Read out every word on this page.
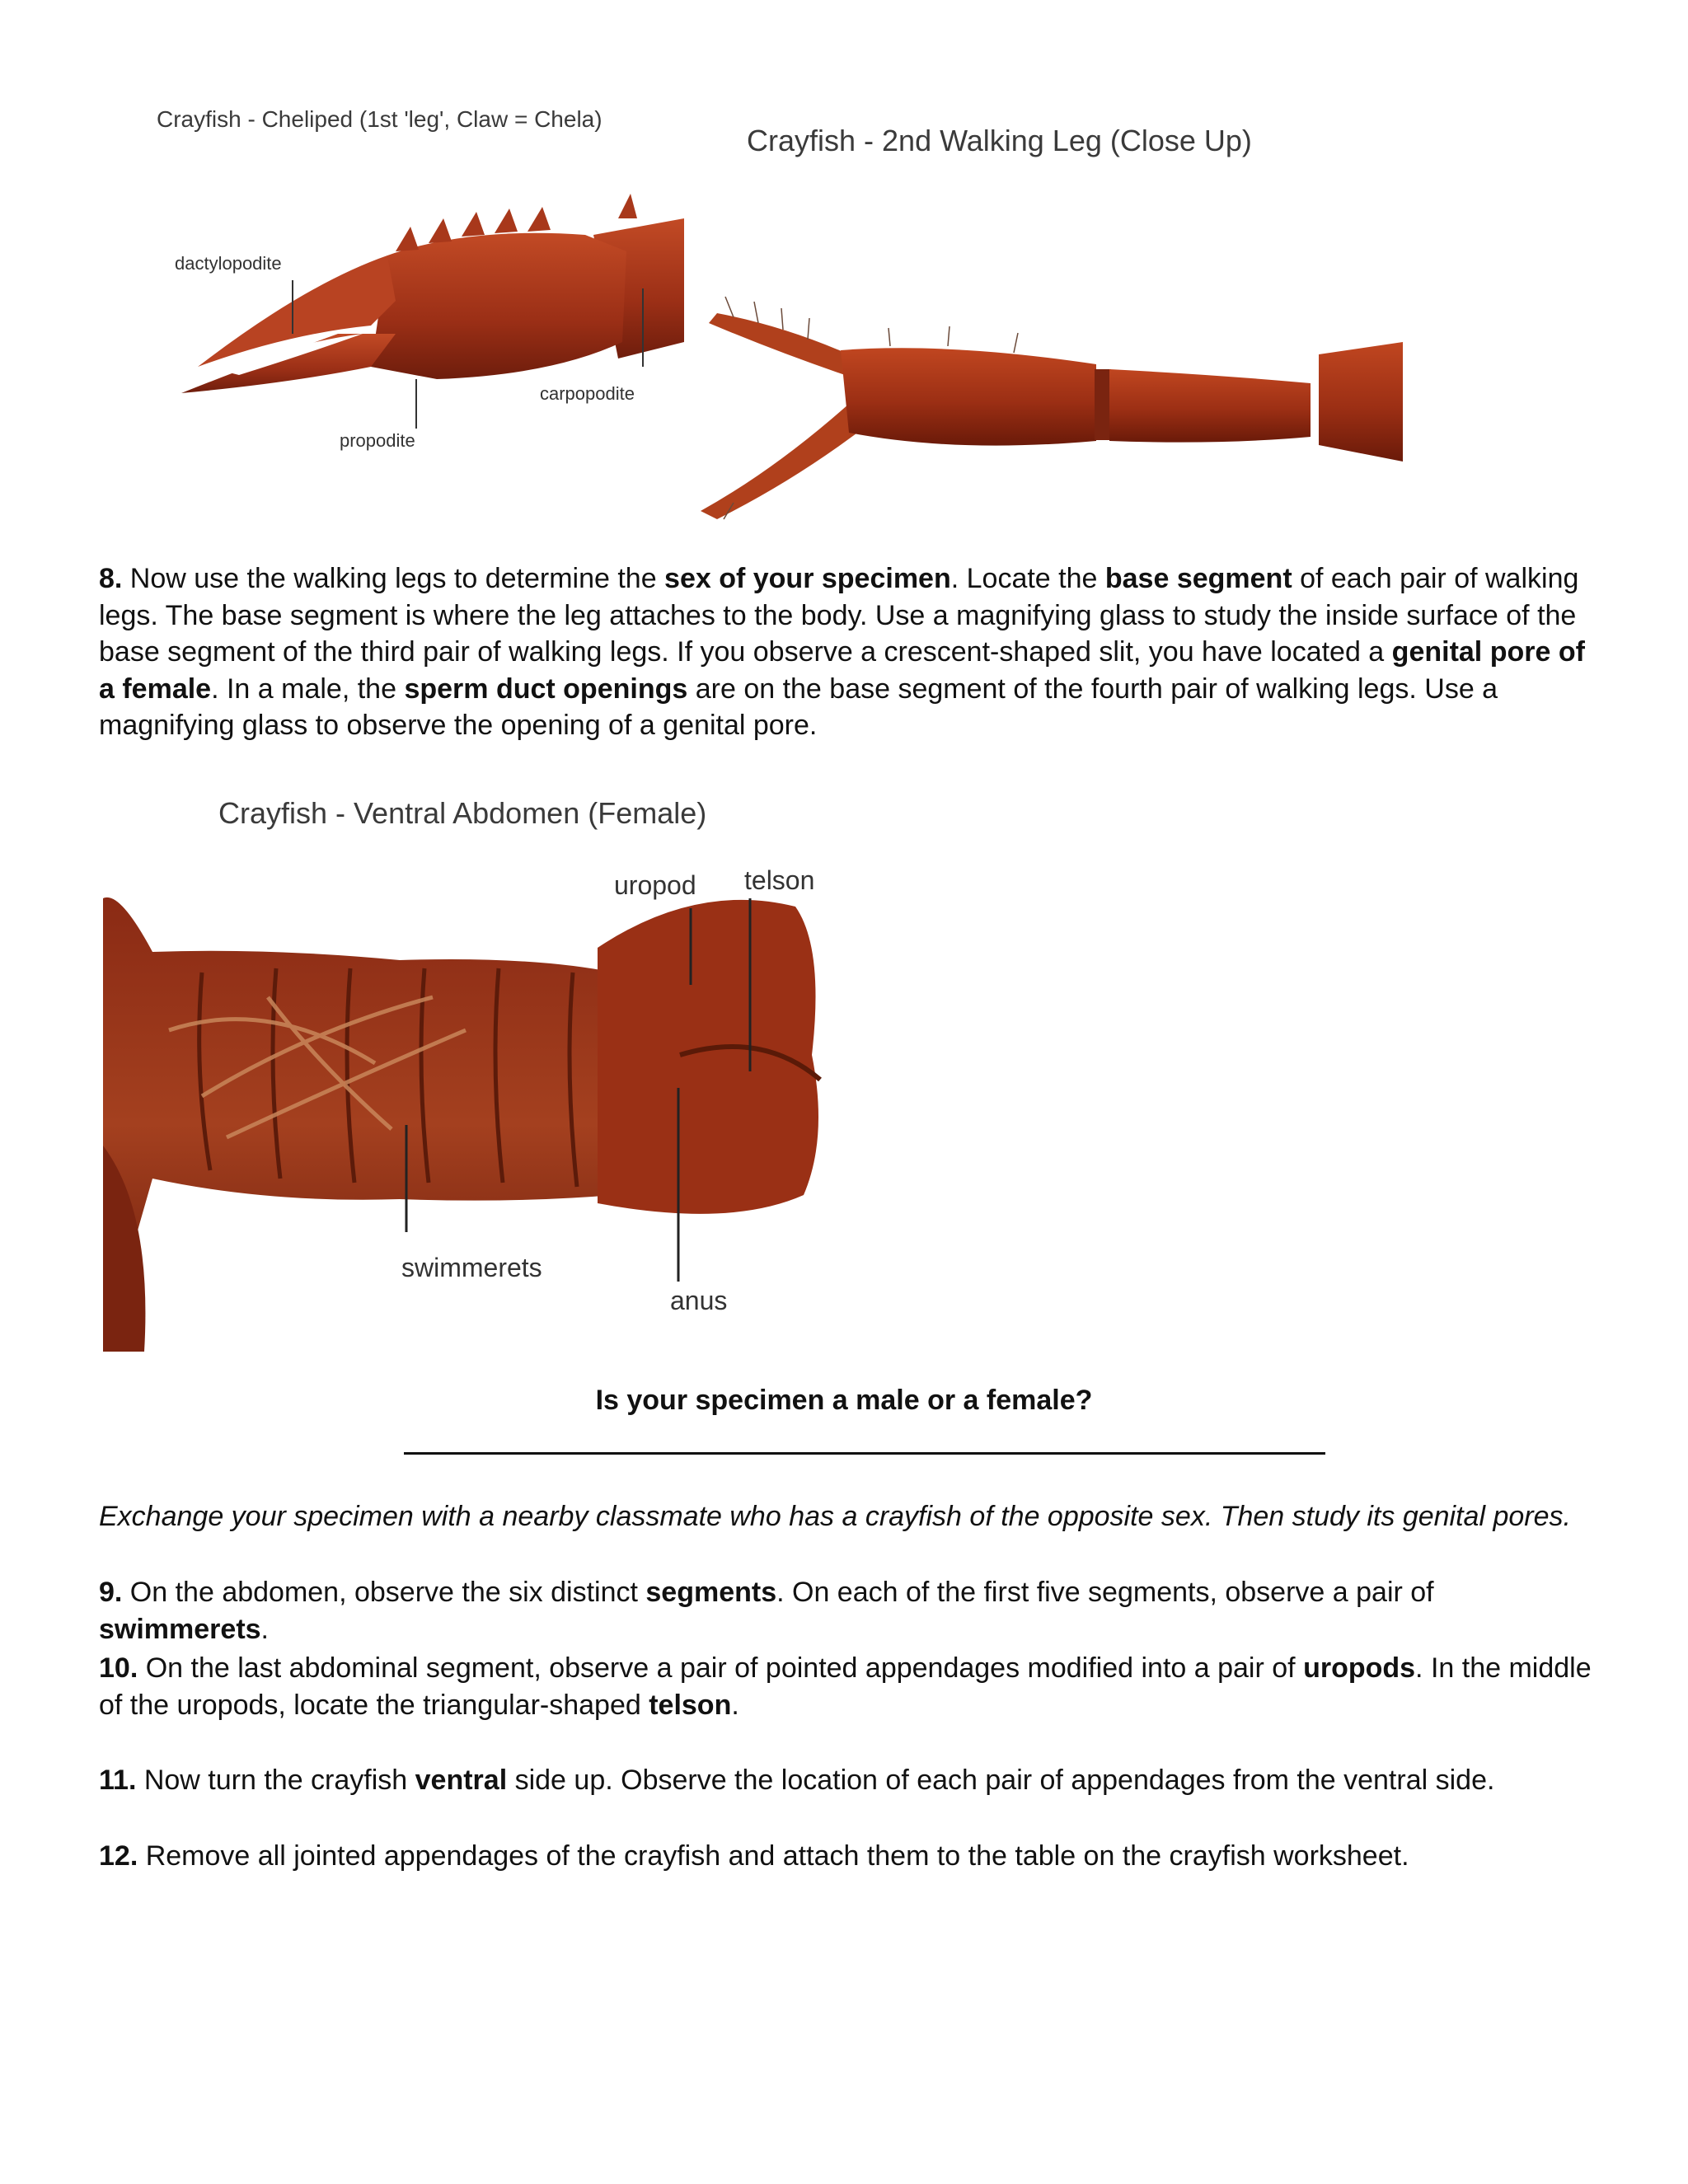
Crayfish - Cheliped (1st 'leg', Claw = Chela)
dactylopodite
carpopodite
propodite
Crayfish - 2nd Walking Leg (Close Up)

8. Now use the walking legs to determine the sex of your specimen. Locate the base segment of each pair of walking legs. The base segment is where the leg attaches to the body. Use a magnifying glass to study the inside surface of the base segment of the third pair of walking legs. If you observe a crescent-shaped slit, you have located a genital pore of a female. In a male, the sperm duct openings are on the base segment of the fourth pair of walking legs. Use a magnifying glass to observe the opening of a genital pore.

Crayfish - Ventral Abdomen (Female)
uropod telson
swimmerets
anus
Is your specimen a male or a female?

Exchange your specimen with a nearby classmate who has a crayfish of the opposite sex. Then study its genital pores.

9. On the abdomen, observe the six distinct segments. On each of the first five segments, observe a pair of swimmerets.

10. On the last abdominal segment, observe a pair of pointed appendages modified into a pair of uropods. In the middle of the uropods, locate the triangular-shaped telson.

11. Now turn the crayfish ventral side up. Observe the location of each pair of appendages from the ventral side.

12. Remove all jointed appendages of the crayfish and attach them to the table on the crayfish worksheet.
